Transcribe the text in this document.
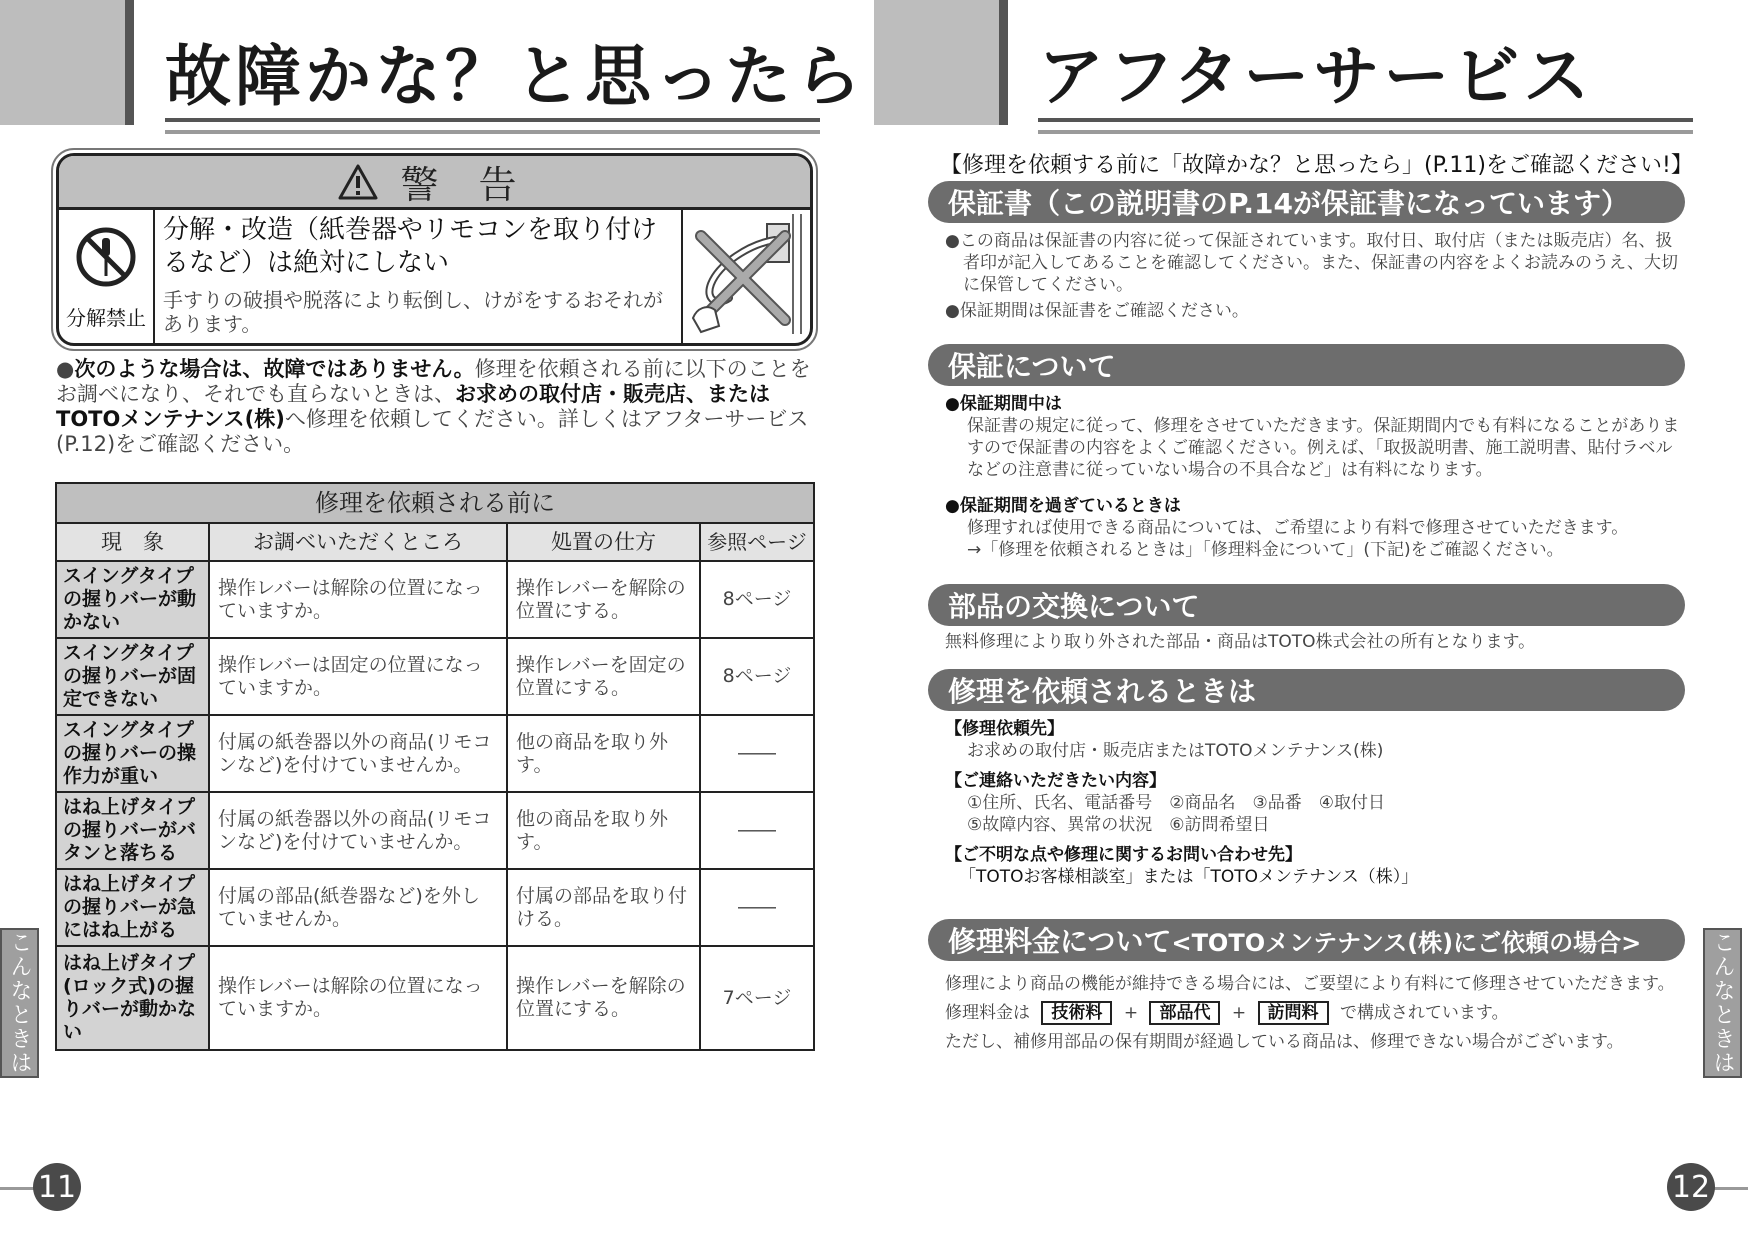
故障かな？と思ったら
警 告
分解禁止
分解・改造（紙巻器やリモコンを取り付けるなど）は絶対にしない
手すりの破損や脱落により転倒し、けがをするおそれがあります。
●次のような場合は、故障ではありません。修理を依頼される前に以下のことをお調べになり、それでも直らないときは、お求めの取付店・販売店、またはTOTOメンテナンス(株)へ修理を依頼してください。詳しくはアフターサービス(P.12)をご確認ください。
修理を依頼される前に			
現　象	お調べいただくところ	処置の仕方	参照ページ
スイングタイプの握りバーが動かない	操作レバーは解除の位置になっていますか。	操作レバーを解除の位置にする。	8ページ
スイングタイプの握りバーが固定できない	操作レバーは固定の位置になっていますか。	操作レバーを固定の位置にする。	8ページ
スイングタイプの握りバーの操作力が重い	付属の紙巻器以外の商品(リモコンなど)を付けていませんか。	他の商品を取り外す。	――
はね上げタイプの握りバーがバタンと落ちる	付属の紙巻器以外の商品(リモコンなど)を付けていませんか。	他の商品を取り外す。	――
はね上げタイプの握りバーが急にはね上がる	付属の部品(紙巻器など)を外していませんか。	付属の部品を取り付ける。	――
はね上げタイプ(ロック式)の握りバーが動かない	操作レバーは解除の位置になっていますか。	操作レバーを解除の位置にする。	7ページ
こんなときは
11
アフターサービス
【修理を依頼する前に「故障かな？と思ったら」(P.11)をご確認ください!】
保証書（この説明書のP.14が保証書になっています）
●この商品は保証書の内容に従って保証されています。取付日、取付店（または販売店）名、扱者印が記入してあることを確認してください。また、保証書の内容をよくお読みのうえ、大切に保管してください。
●保証期間は保証書をご確認ください。
保証について
●保証期間中は
保証書の規定に従って、修理をさせていただきます。保証期間内でも有料になることがありますので保証書の内容をよくご確認ください。例えば、「取扱説明書、施工説明書、貼付ラベルなどの注意書に従っていない場合の不具合など」は有料になります。
●保証期間を過ぎているときは
修理すれば使用できる商品については、ご希望により有料で修理させていただきます。
→「修理を依頼されるときは」「修理料金について」(下記)をご確認ください。
部品の交換について
無料修理により取り外された部品・商品はTOTO株式会社の所有となります。
修理を依頼されるときは
【修理依頼先】
お求めの取付店・販売店またはTOTOメンテナンス(株)
【ご連絡いただきたい内容】
①住所、氏名、電話番号　②商品名　③品番　④取付日
⑤故障内容、異常の状況　⑥訪問希望日
【ご不明な点や修理に関するお問い合わせ先】
「TOTOお客様相談室」または「TOTOメンテナンス（株）」
修理料金について <TOTOメンテナンス(株)にご依頼の場合>
修理により商品の機能が維持できる場合には、ご要望により有料にて修理させていただきます。
修理料金は 技術料 + 部品代 + 訪問料 で構成されています。
ただし、補修用部品の保有期間が経過している商品は、修理できない場合がございます。	こんなときは
12
